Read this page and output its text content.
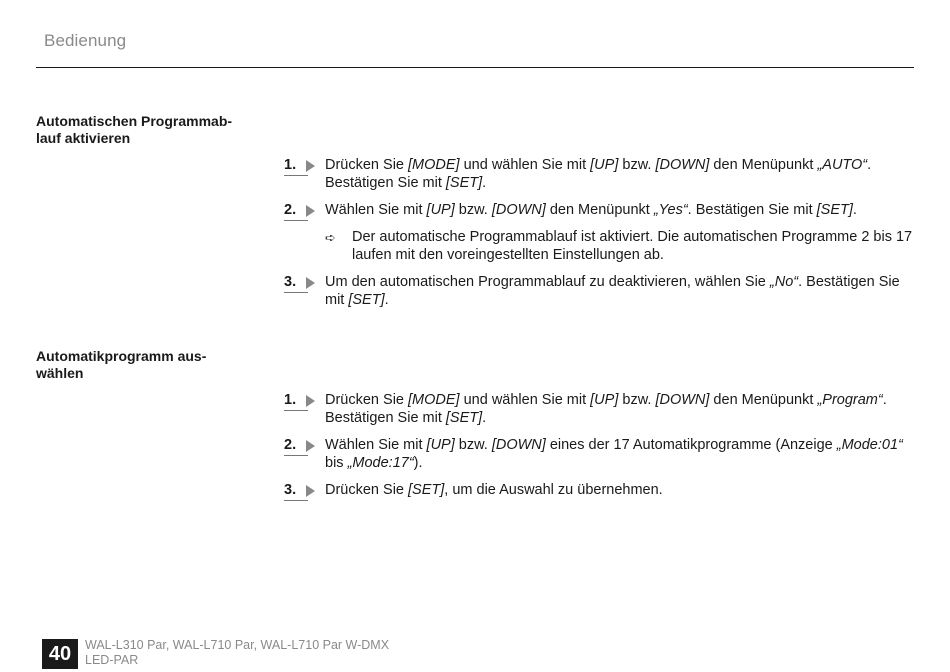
Bedienung
Automatischen Programmab-
lauf aktivieren
1.	Drücken Sie [MODE] und wählen Sie mit [UP] bzw. [DOWN] den Menüpunkt „AUTO“. Bestätigen Sie mit [SET].
2.	Wählen Sie mit [UP] bzw. [DOWN] den Menüpunkt „Yes“. Bestätigen Sie mit [SET].
➪ Der automatische Programmablauf ist aktiviert. Die automatischen Programme 2 bis 17 laufen mit den voreingestellten Einstellungen ab.
3.	Um den automatischen Programmablauf zu deaktivieren, wählen Sie „No“. Bestätigen Sie mit [SET].
Automatikprogramm aus-
wählen
1.	Drücken Sie [MODE] und wählen Sie mit [UP] bzw. [DOWN] den Menüpunkt „Program“. Bestätigen Sie mit [SET].
2.	Wählen Sie mit [UP] bzw. [DOWN] eines der 17 Automatikprogramme (Anzeige „Mode:01“ bis „Mode:17“).
3.	Drücken Sie [SET], um die Auswahl zu übernehmen.
40	WAL-L310 Par, WAL-L710 Par, WAL-L710 Par W-DMX
LED-PAR
